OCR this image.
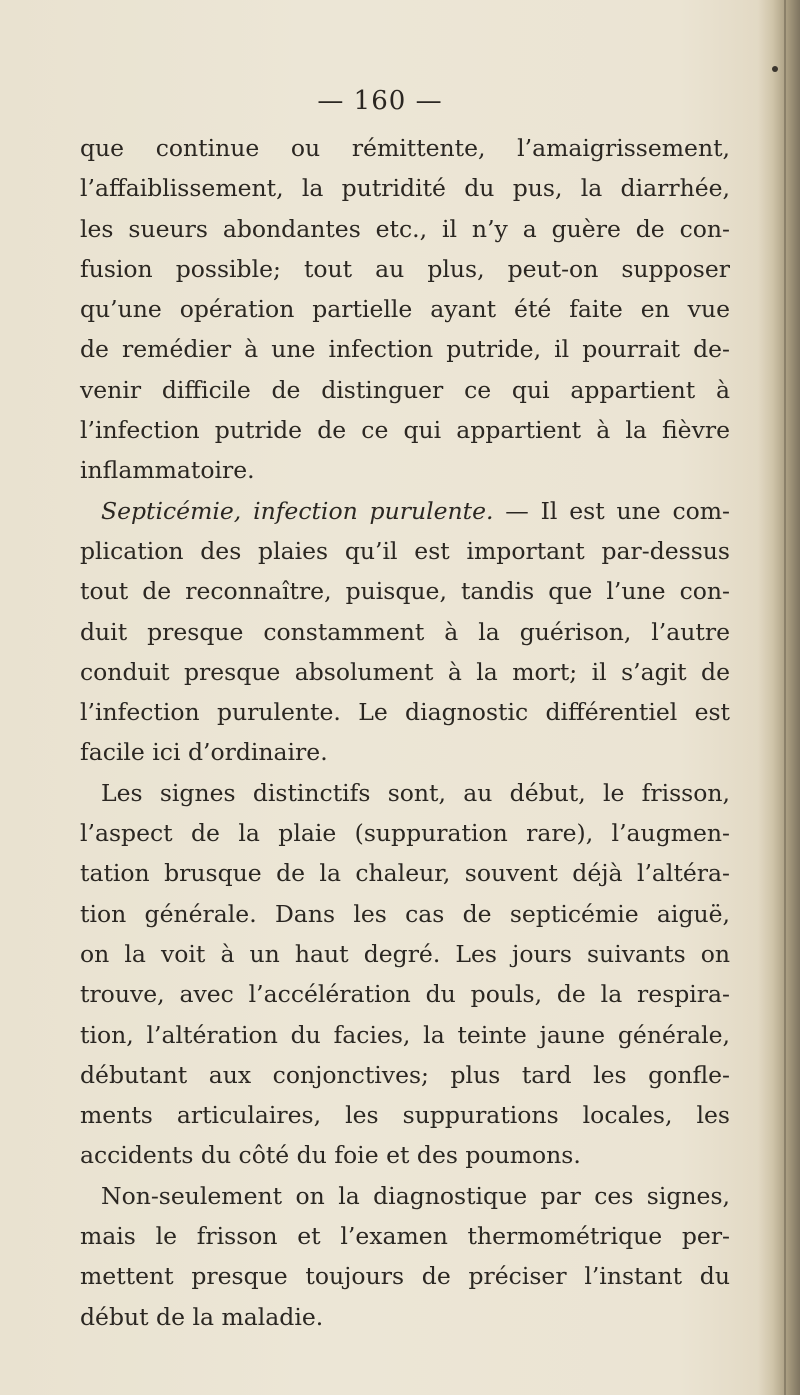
— 160 —
que continue ou rémittente, l’amaigrissement,
l’affaiblissement, la putridité du pus, la diarrhée,
les sueurs abondantes etc., il n’y a guère de con-
fusion possible; tout au plus, peut-on supposer
qu’une opération partielle ayant été faite en vue
de remédier à une infection putride, il pourrait de-
venir difficile de distinguer ce qui appartient à
l’infection putride de ce qui appartient à la fièvre
inflammatoire.
Septicémie, infection purulente. — Il est une com-
plication des plaies qu’il est important par-dessus
tout de reconnaître, puisque, tandis que l’une con-
duit presque constamment à la guérison, l’autre
conduit presque absolument à la mort; il s’agit de
l’infection purulente. Le diagnostic différentiel est
facile ici d’ordinaire.
Les signes distinctifs sont, au début, le frisson,
l’aspect de la plaie (suppuration rare), l’augmen-
tation brusque de la chaleur, souvent déjà l’altéra-
tion générale. Dans les cas de septicémie aiguë,
on la voit à un haut degré. Les jours suivants on
trouve, avec l’accélération du pouls, de la respira-
tion, l’altération du facies, la teinte jaune générale,
débutant aux conjonctives; plus tard les gonfle-
ments articulaires, les suppurations locales, les
accidents du côté du foie et des poumons.
Non-seulement on la diagnostique par ces signes,
mais le frisson et l’examen thermométrique per-
mettent presque toujours de préciser l’instant du
début de la maladie.
